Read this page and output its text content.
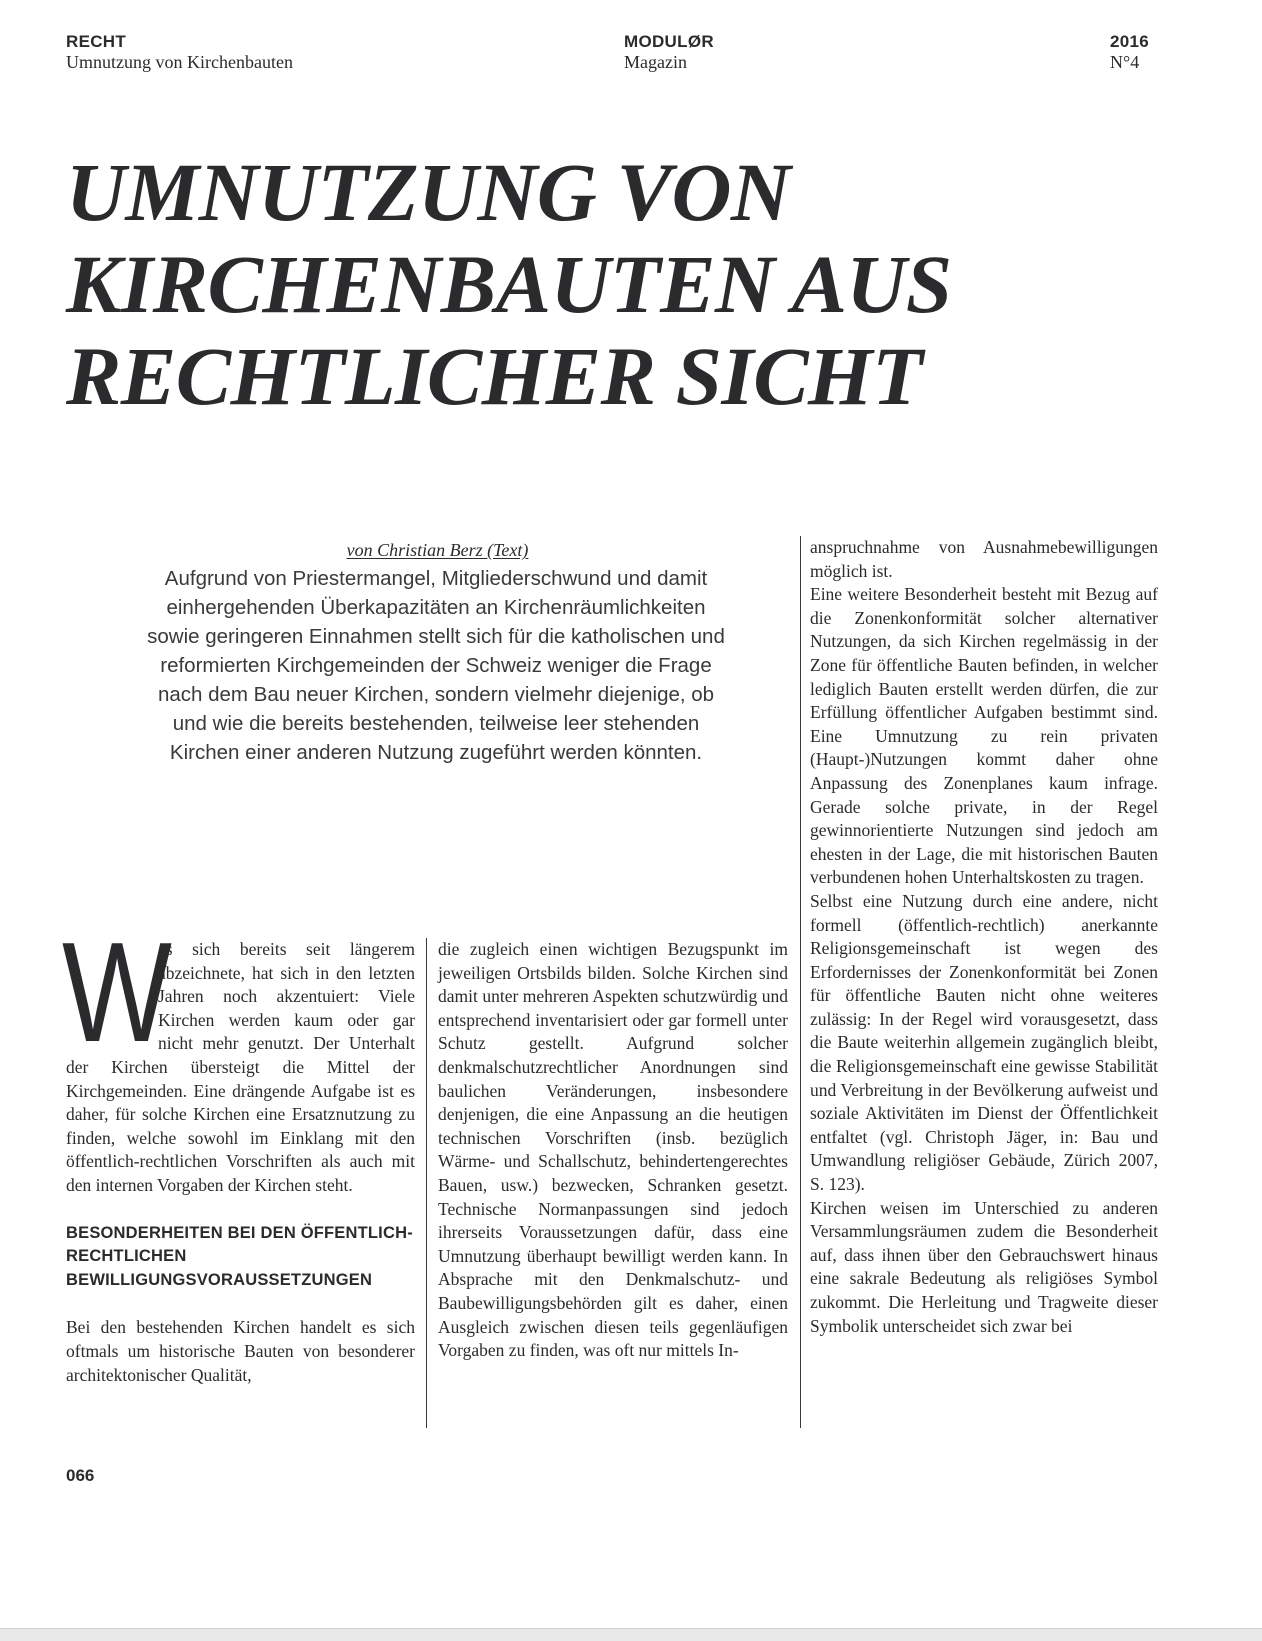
RECHT
Umnutzung von Kirchenbauten
MODULØR
Magazin
2016
N°4
UMNUTZUNG VON
KIRCHENBAUTEN AUS
RECHTLICHER SICHT
von Christian Berz (Text)

Aufgrund von Priestermangel, Mitgliederschwund und damit einhergehenden Überkapazitäten an Kirchenräumlichkeiten sowie geringeren Einnahmen stellt sich für die katholischen und reformierten Kirchgemeinden der Schweiz weniger die Frage nach dem Bau neuer Kirchen, sondern vielmehr diejenige, ob und wie die bereits bestehenden, teilweise leer stehenden Kirchen einer anderen Nutzung zugeführt werden könnten.

W
as sich bereits seit längerem abzeichnete, hat sich in den letzten Jahren noch akzentuiert: Viele Kirchen werden kaum oder gar nicht mehr genutzt. Der Unterhalt der Kirchen übersteigt die Mittel der Kirchgemeinden. Eine drängende Aufgabe ist es daher, für solche Kirchen eine Ersatznutzung zu finden, welche sowohl im Einklang mit den öffentlich-rechtlichen Vorschriften als auch mit den internen Vorgaben der Kirchen steht.

BESONDERHEITEN BEI DEN ÖFFENTLICH-RECHTLICHEN BEWILLIGUNGSVORAUSSETZUNGEN

Bei den bestehenden Kirchen handelt es sich oftmals um historische Bauten von besonderer architektonischer Qualität,

die zugleich einen wichtigen Bezugspunkt im jeweiligen Ortsbilds bilden. Solche Kirchen sind damit unter mehreren Aspekten schutzwürdig und entsprechend inventarisiert oder gar formell unter Schutz gestellt. Aufgrund solcher denkmalschutzrechtlicher Anordnungen sind baulichen Veränderungen, insbesondere denjenigen, die eine Anpassung an die heutigen technischen Vorschriften (insb. bezüglich Wärme- und Schallschutz, behindertengerechtes Bauen, usw.) bezwecken, Schranken gesetzt. Technische Normanpassungen sind jedoch ihrerseits Voraussetzungen dafür, dass eine Umnutzung überhaupt bewilligt werden kann. In Absprache mit den Denkmalschutz- und Baubewilligungsbehörden gilt es daher, einen Ausgleich zwischen diesen teils gegenläufigen Vorgaben zu finden, was oft nur mittels In-

anspruchnahme von Ausnahmebewilligungen möglich ist.

Eine weitere Besonderheit besteht mit Bezug auf die Zonenkonformität solcher alternativer Nutzungen, da sich Kirchen regelmässig in der Zone für öffentliche Bauten befinden, in welcher lediglich Bauten erstellt werden dürfen, die zur Erfüllung öffentlicher Aufgaben bestimmt sind. Eine Umnutzung zu rein privaten (Haupt-)Nutzungen kommt daher ohne Anpassung des Zonenplanes kaum infrage. Gerade solche private, in der Regel gewinnorientierte Nutzungen sind jedoch am ehesten in der Lage, die mit historischen Bauten verbundenen hohen Unterhaltskosten zu tragen.

Selbst eine Nutzung durch eine andere, nicht formell (öffentlich-rechtlich) anerkannte Religionsgemeinschaft ist wegen des Erfordernisses der Zonenkonformität bei Zonen für öffentliche Bauten nicht ohne weiteres zulässig: In der Regel wird vorausgesetzt, dass die Baute weiterhin allgemein zugänglich bleibt, die Religionsgemeinschaft eine gewisse Stabilität und Verbreitung in der Bevölkerung aufweist und soziale Aktivitäten im Dienst der Öffentlichkeit entfaltet (vgl. Christoph Jäger, in: Bau und Umwandlung religiöser Gebäude, Zürich 2007, S. 123).

Kirchen weisen im Unterschied zu anderen Versammlungsräumen zudem die Besonderheit auf, dass ihnen über den Gebrauchswert hinaus eine sakrale Bedeutung als religiöses Symbol zukommt. Die Herleitung und Tragweite dieser Symbolik unterscheidet sich zwar bei

066
